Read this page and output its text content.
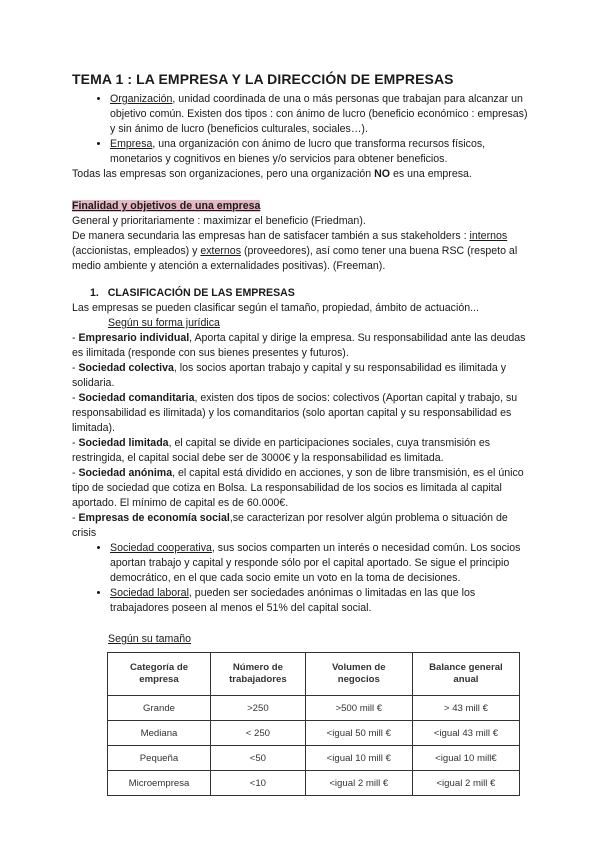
TEMA 1 : LA EMPRESA Y LA DIRECCIÓN DE EMPRESAS
• Organización, unidad coordinada de una o más personas que trabajan para alcanzar un objetivo común. Existen dos tipos : con ánimo de lucro (beneficio económico : empresas) y sin ánimo de lucro (beneficios culturales, sociales…).
• Empresa, una organización con ánimo de lucro que transforma recursos físicos, monetarios y cognitivos en bienes y/o servicios para obtener beneficios.

Todas las empresas son organizaciones, pero una organización NO es una empresa.

Finalidad y objetivos de una empresa

General y prioritariamente : maximizar el beneficio (Friedman).

De manera secundaria las empresas han de satisfacer también a sus stakeholders : internos (accionistas, empleados) y externos (proveedores), así como tener una buena RSC (respeto al medio ambiente y atención a externalidades positivas). (Freeman).

1. CLASIFICACIÓN DE LAS EMPRESAS

Las empresas se pueden clasificar según el tamaño, propiedad, ámbito de actuación...

Según su forma jurídica

- Empresario individual, Aporta capital y dirige la empresa. Su responsabilidad ante las deudas es ilimitada (responde con sus bienes presentes y futuros).

- Sociedad colectiva, los socios aportan trabajo y capital y su responsabilidad es ilimitada y solidaria.

- Sociedad comanditaria, existen dos tipos de socios: colectivos (Aportan capital y trabajo, su responsabilidad es ilimitada) y los comanditarios (solo aportan capital y su responsabilidad es limitada).

- Sociedad limitada, el capital se divide en participaciones sociales, cuya transmisión es restringida, el capital social debe ser de 3000€ y la responsabilidad es limitada.

- Sociedad anónima, el capital está dividido en acciones, y son de libre transmisión, es el único tipo de sociedad que cotiza en Bolsa. La responsabilidad de los socios es limitada al capital aportado. El mínimo de capital es de 60.000€.

- Empresas de economía social,se caracterizan por resolver algún problema o situación de crisis

• Sociedad cooperativa, sus socios comparten un interés o necesidad común. Los socios aportan trabajo y capital y responde sólo por el capital aportado. Se sigue el principio democrático, en el que cada socio emite un voto en la toma de decisiones.
• Sociedad laboral, pueden ser sociedades anónimas o limitadas en las que los trabajadores poseen al menos el 51% del capital social.

Según su tamaño

Categoría de empresa	Número de trabajadores	Volumen de negocios	Balance general anual
Grande	>250	>500 mill €	> 43 mill €
Mediana	< 250	<igual 50 mill €	<igual 43 mill €
Pequeña	<50	<igual 10 mill €	<igual 10 mill€
Microempresa	<10	<igual 2 mill €	<igual 2 mill €
